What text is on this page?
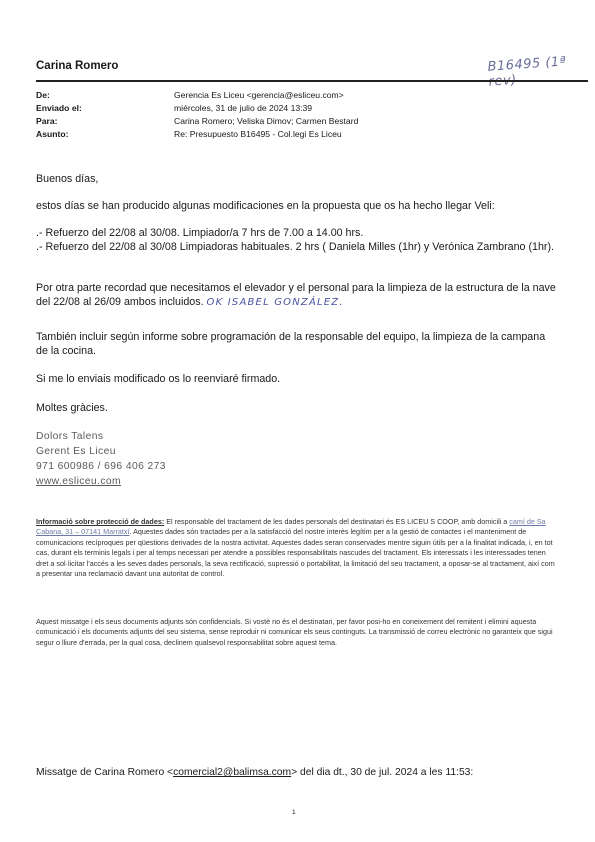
Carina Romero	B16495 (1ª rev)
De:	Gerencia Es Liceu <gerencia@esliceu.com>
Enviado el:	miércoles, 31 de julio de 2024 13:39
Para:	Carina Romero; Veliska Dimov; Carmen Bestard
Asunto:	Re: Presupuesto B16495 - Col.legi Es Liceu
Buenos días,
estos días se han producido algunas modificaciones en la propuesta que os ha hecho llegar Veli:
.- Refuerzo del 22/08 al 30/08. Limpiador/a 7 hrs de 7.00 a 14.00 hrs.
.- Refuerzo del 22/08 al 30/08 Limpiadoras habituales. 2 hrs ( Daniela Milles (1hr) y Verónica Zambrano (1hr).
Por otra parte recordad que necesitamos el elevador y el personal para la limpieza de la estructura de la nave del 22/08 al 26/09 ambos incluidos. OK ISABEL GONZÁLEZ.
También incluir según informe sobre programación de la responsable del equipo, la limpieza de la campana de la cocina.
Si me lo enviais modificado os lo reenviaré firmado.
Moltes gràcies.
Dolors Talens
Gerent Es Liceu
971 600986 / 696 406 273
www.esliceu.com
Informació sobre protecció de dades: El responsable del tractament de les dades personals del destinatari és ES LICEU S COOP, amb domicili a camí de Sa Cabana, 31 – 07141 Marratxí. Aquestes dades són tractades per a la satisfacció del nostre interès legítim per a la gestió de contactes i el manteniment de comunicacions recíproques per qüestions derivades de la nostra activitat. Aquestes dades seran conservades mentre siguin útils per a la finalitat indicada, i, en tot cas, durant els terminis legals i per al temps necessari per atendre a possibles responsabilitats nascudes del tractament. Els interessats i les interessades tenen dret a sol·licitar l'accés a les seves dades personals, la seva rectificació, supressió o portabilitat, la limitació del seu tractament, a oposar-se al tractament, així com a presentar una reclamació davant una autoritat de control.
Aquest missatge i els seus documents adjunts són confidencials. Si vostè no és el destinatari, per favor posi-ho en coneixement del remitent i elimini aquesta comunicació i els documents adjunts del seu sistema, sense reproduir ni comunicar els seus continguts. La transmissió de correu electrònic no garanteix que sigui segur o lliure d'errada, per la qual cosa, declinem qualsevol responsabilitat sobre aquest tema.
Missatge de Carina Romero <comercial2@balimsa.com> del dia dt., 30 de jul. 2024 a les 11:53:
1
